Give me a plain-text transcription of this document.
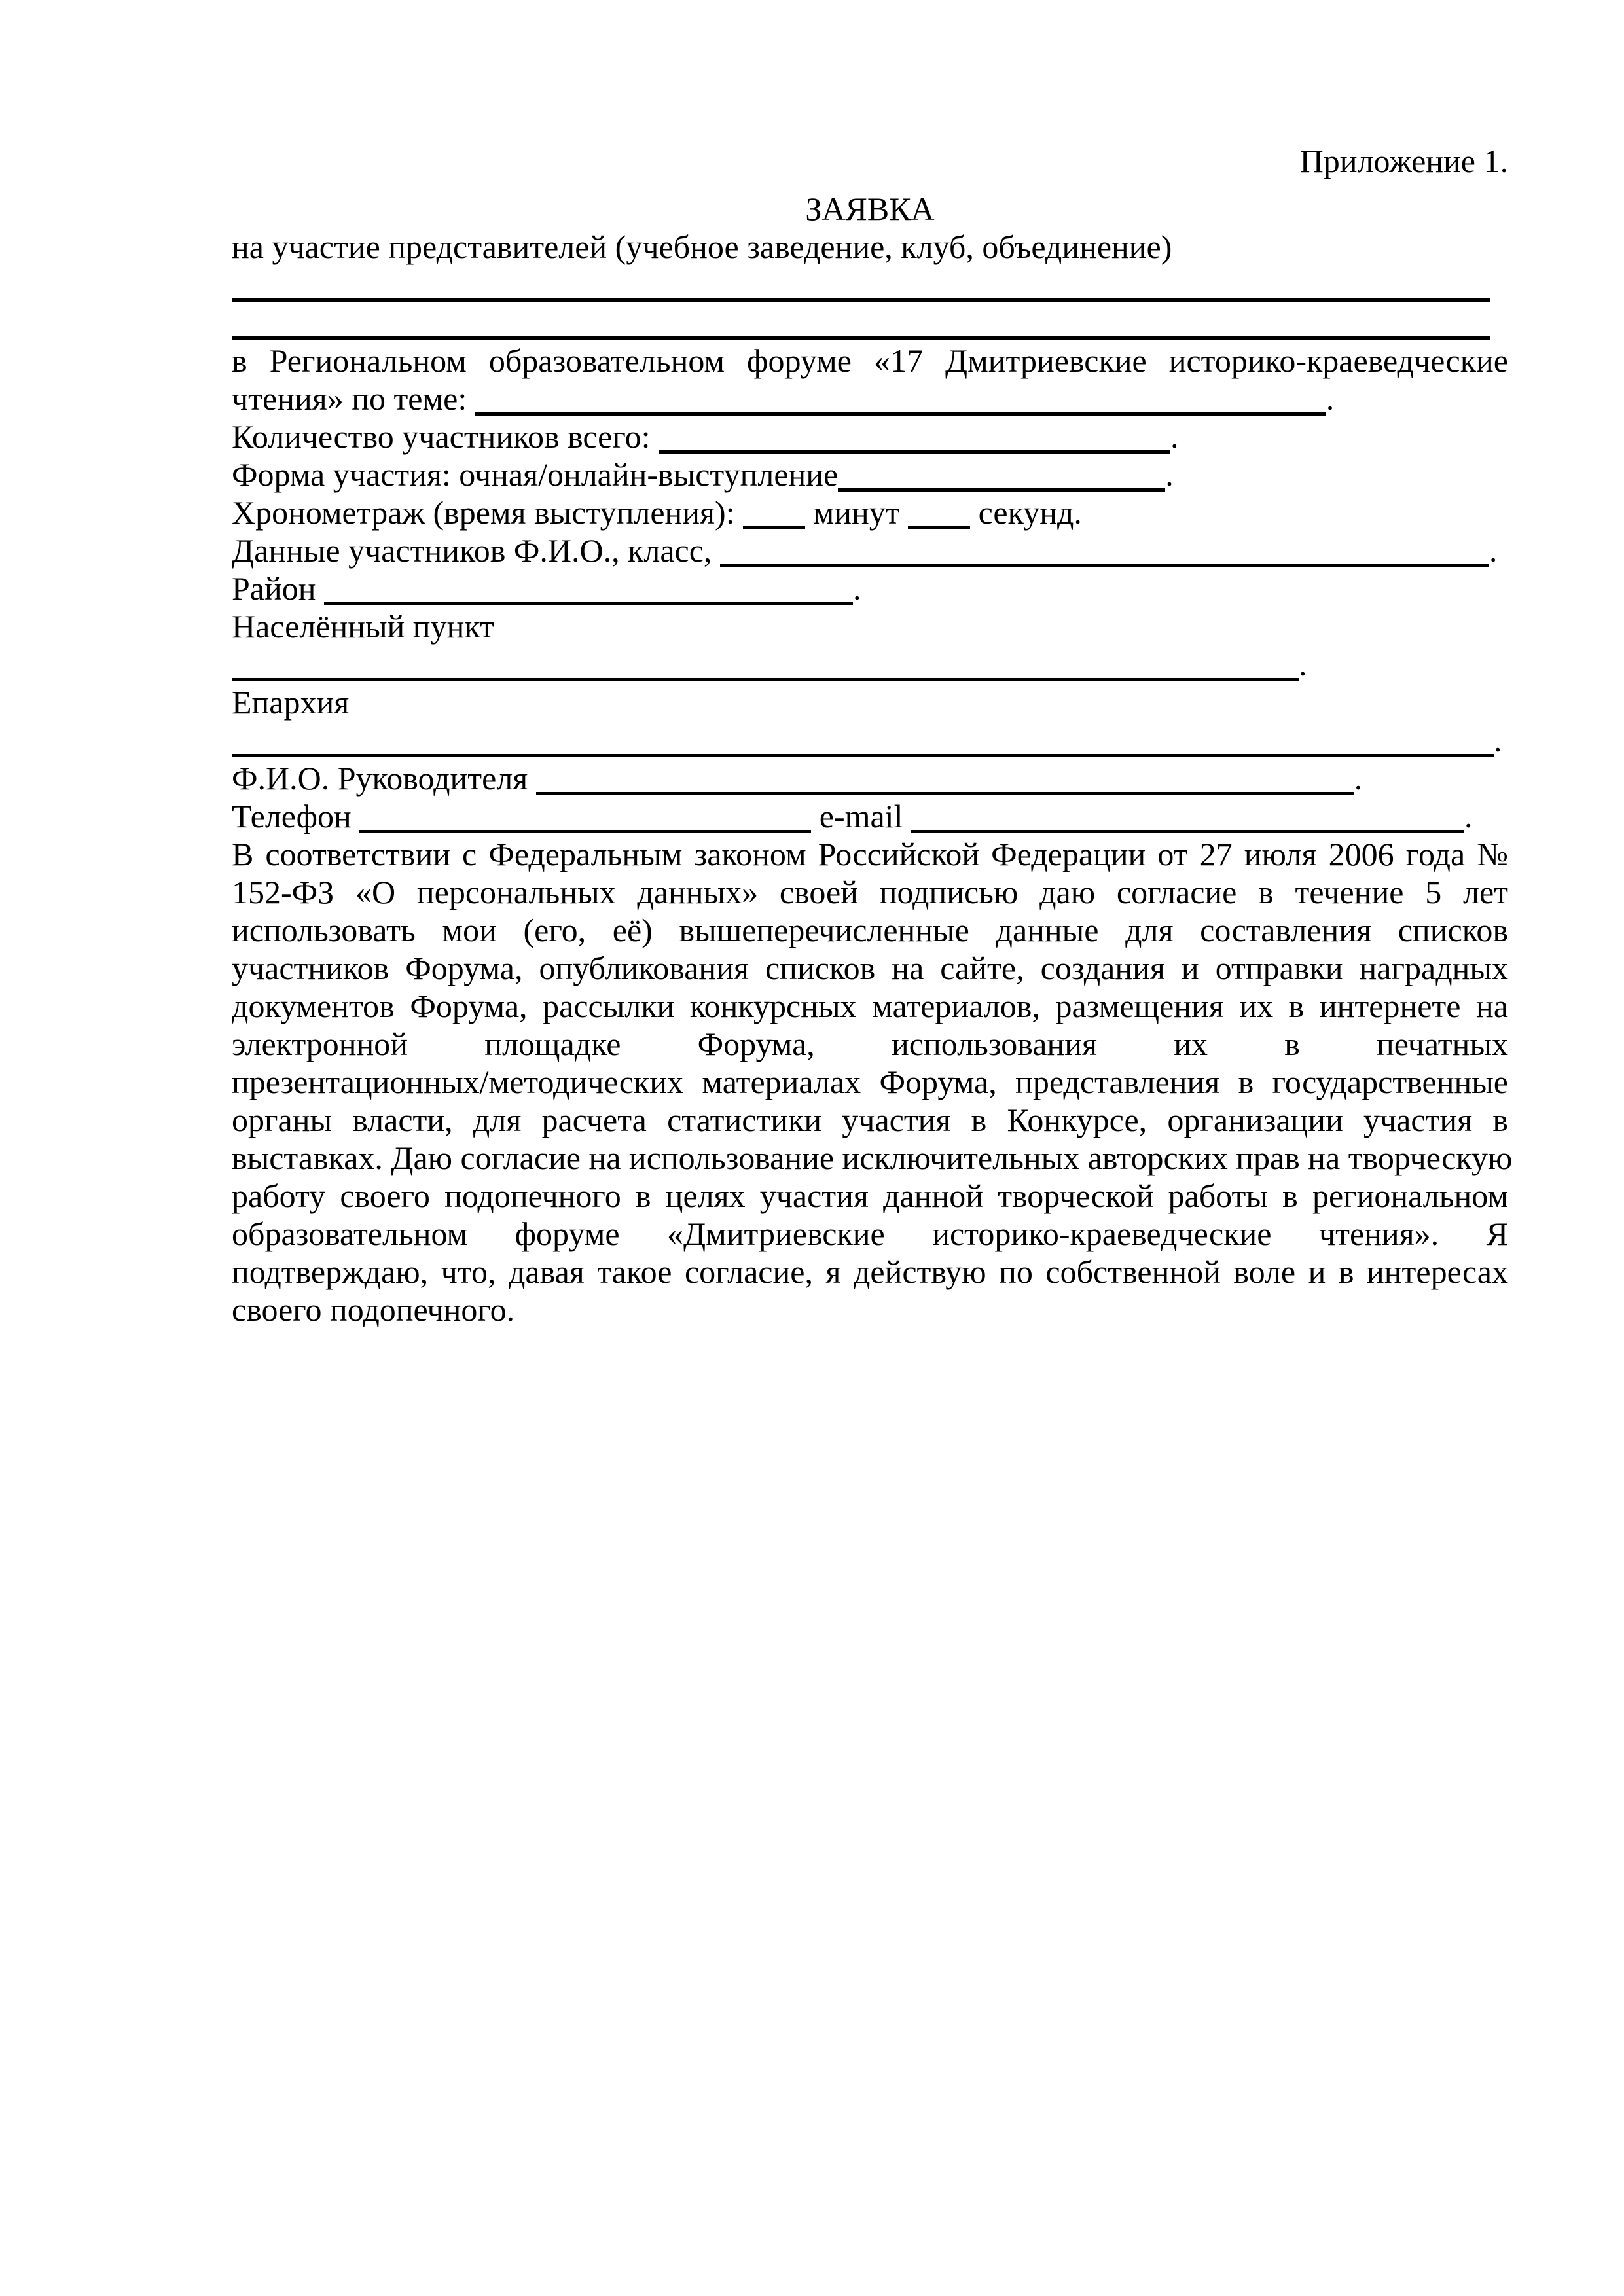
Приложение 1.
ЗАЯВКА
на участие представителей (учебное заведение, клуб, объединение)
в Региональном образовательном форуме «17 Дмитриевские историко-краеведческие
чтения» по теме:	.
Количество участников всего:	.
Форма участия: очная/онлайн-выступление	.
Хронометраж (время выступления): минут секунд.
Данные участников Ф.И.О., класс,	.
Район	.
Населённый пункт
.
Епархия
.
Ф.И.О. Руководителя	.
Телефон	e-mail	.
В соответствии с Федеральным законом Российской Федерации от 27 июля 2006 года №
152-ФЗ «О персональных данных» своей подписью даю согласие в течение 5 лет
использовать мои (его, её) вышеперечисленные данные для составления списков
участников Форума, опубликования списков на сайте, создания и отправки наградных
документов Форума, рассылки конкурсных материалов, размещения их в интернете на
электронной площадке Форума, использования их в печатных
презентационных/методических материалах Форума, представления в государственные
органы власти, для расчета статистики участия в Конкурсе, организации участия в
выставках. Даю согласие на использование исключительных авторских прав на творческую
работу своего подопечного в целях участия данной творческой работы в региональном
образовательном форуме «Дмитриевские историко-краеведческие чтения». Я
подтверждаю, что, давая такое согласие, я действую по собственной воле и в интересах
своего подопечного.
